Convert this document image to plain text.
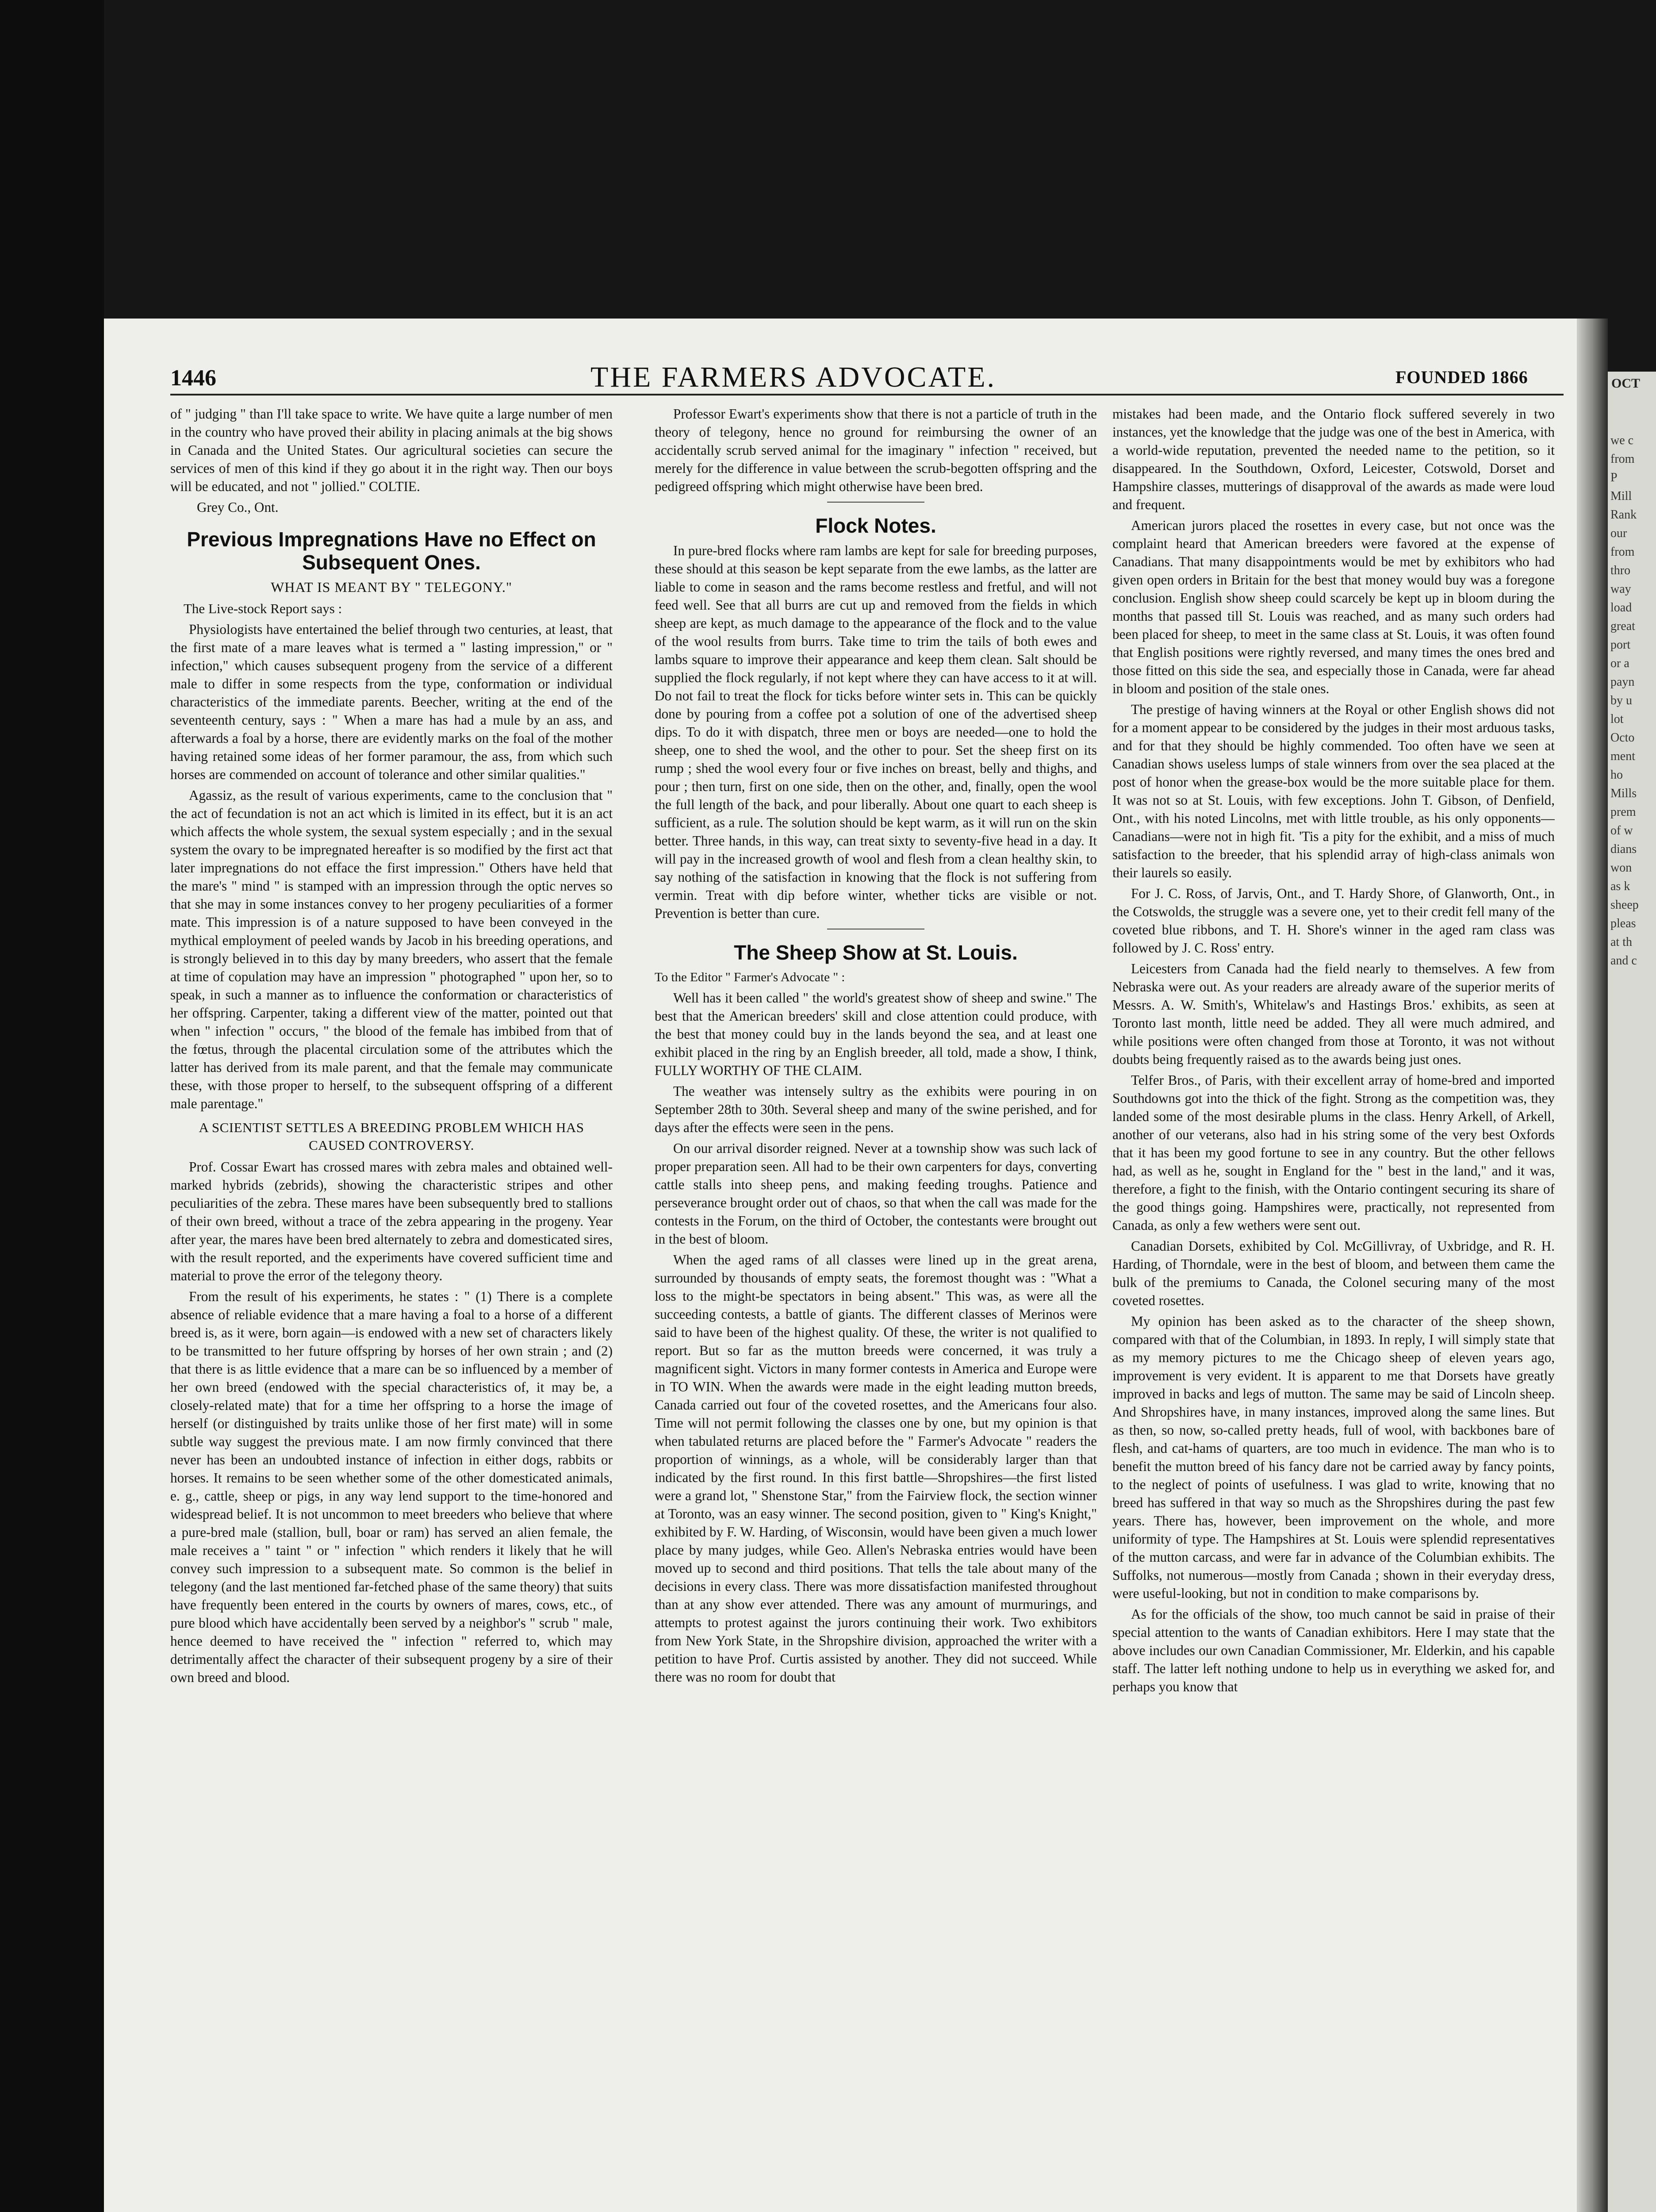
1446	THE FARMERS ADVOCATE.	FOUNDED 1866

of " judging " than I'll take space to write. We have quite a large number of men in the country who have proved their ability in placing animals at the big shows in Canada and the United States. Our agricultural societies can secure the services of men of this kind if they go about it in the right way. Then our boys will be educated, and not " jollied." COLTIE.

Grey Co., Ont.

Previous Impregnations Have no Effect on Subsequent Ones.
WHAT IS MEANT BY " TELEGONY."

The Live-stock Report says :

Physiologists have entertained the belief through two centuries, at least, that the first mate of a mare leaves what is termed a " lasting impression," or " infection," which causes subsequent progeny from the service of a different male to differ in some respects from the type, conformation or individual characteristics of the immediate parents. Beecher, writing at the end of the seventeenth century, says : " When a mare has had a mule by an ass, and afterwards a foal by a horse, there are evidently marks on the foal of the mother having retained some ideas of her former paramour, the ass, from which such horses are commended on account of tolerance and other similar qualities."

Agassiz, as the result of various experiments, came to the conclusion that " the act of fecundation is not an act which is limited in its effect, but it is an act which affects the whole system, the sexual system especially ; and in the sexual system the ovary to be impregnated hereafter is so modified by the first act that later impregnations do not efface the first impression." Others have held that the mare's " mind " is stamped with an impression through the optic nerves so that she may in some instances convey to her progeny peculiarities of a former mate. This impression is of a nature supposed to have been conveyed in the mythical employment of peeled wands by Jacob in his breeding operations, and is strongly believed in to this day by many breeders, who assert that the female at time of copulation may have an impression " photographed " upon her, so to speak, in such a manner as to influence the conformation or characteristics of her offspring. Carpenter, taking a different view of the matter, pointed out that when " infection " occurs, " the blood of the female has imbibed from that of the fœtus, through the placental circulation some of the attributes which the latter has derived from its male parent, and that the female may communicate these, with those proper to herself, to the subsequent offspring of a different male parentage."

A SCIENTIST SETTLES A BREEDING PROBLEM WHICH HAS CAUSED CONTROVERSY.

Prof. Cossar Ewart has crossed mares with zebra males and obtained well-marked hybrids (zebrids), showing the characteristic stripes and other peculiarities of the zebra. These mares have been subsequently bred to stallions of their own breed, without a trace of the zebra appearing in the progeny. Year after year, the mares have been bred alternately to zebra and domesticated sires, with the result reported, and the experiments have covered sufficient time and material to prove the error of the telegony theory.

From the result of his experiments, he states : " (1) There is a complete absence of reliable evidence that a mare having a foal to a horse of a different breed is, as it were, born again—is endowed with a new set of characters likely to be transmitted to her future offspring by horses of her own strain ; and (2) that there is as little evidence that a mare can be so influenced by a member of her own breed (endowed with the special characteristics of, it may be, a closely-related mate) that for a time her offspring to a horse the image of herself (or distinguished by traits unlike those of her first mate) will in some subtle way suggest the previous mate. I am now firmly convinced that there never has been an undoubted instance of infection in either dogs, rabbits or horses. It remains to be seen whether some of the other domesticated animals, e. g., cattle, sheep or pigs, in any way lend support to the time-honored and widespread belief. It is not uncommon to meet breeders who believe that where a pure-bred male (stallion, bull, boar or ram) has served an alien female, the male receives a " taint " or " infection " which renders it likely that he will convey such impression to a subsequent mate. So common is the belief in telegony (and the last mentioned far-fetched phase of the same theory) that suits have frequently been entered in the courts by owners of mares, cows, etc., of pure blood which have accidentally been served by a neighbor's " scrub " male, hence deemed to have received the " infection " referred to, which may detrimentally affect the character of their subsequent progeny by a sire of their own breed and blood.

Professor Ewart's experiments show that there is not a particle of truth in the theory of telegony, hence no ground for reimbursing the owner of an accidentally scrub served animal for the imaginary " infection " received, but merely for the difference in value between the scrub-begotten offspring and the pedigreed offspring which might otherwise have been bred.

Flock Notes.

In pure-bred flocks where ram lambs are kept for sale for breeding purposes, these should at this season be kept separate from the ewe lambs, as the latter are liable to come in season and the rams become restless and fretful, and will not feed well. See that all burrs are cut up and removed from the fields in which sheep are kept, as much damage to the appearance of the flock and to the value of the wool results from burrs. Take time to trim the tails of both ewes and lambs square to improve their appearance and keep them clean. Salt should be supplied the flock regularly, if not kept where they can have access to it at will. Do not fail to treat the flock for ticks before winter sets in. This can be quickly done by pouring from a coffee pot a solution of one of the advertised sheep dips. To do it with dispatch, three men or boys are needed—one to hold the sheep, one to shed the wool, and the other to pour. Set the sheep first on its rump ; shed the wool every four or five inches on breast, belly and thighs, and pour ; then turn, first on one side, then on the other, and, finally, open the wool the full length of the back, and pour liberally. About one quart to each sheep is sufficient, as a rule. The solution should be kept warm, as it will run on the skin better. Three hands, in this way, can treat sixty to seventy-five head in a day. It will pay in the increased growth of wool and flesh from a clean healthy skin, to say nothing of the satisfaction in knowing that the flock is not suffering from vermin. Treat with dip before winter, whether ticks are visible or not. Prevention is better than cure.

The Sheep Show at St. Louis.

To the Editor " Farmer's Advocate " :

Well has it been called " the world's greatest show of sheep and swine." The best that the American breeders' skill and close attention could produce, with the best that money could buy in the lands beyond the sea, and at least one exhibit placed in the ring by an English breeder, all told, made a show, I think, FULLY WORTHY OF THE CLAIM.

The weather was intensely sultry as the exhibits were pouring in on September 28th to 30th. Several sheep and many of the swine perished, and for days after the effects were seen in the pens.

On our arrival disorder reigned. Never at a township show was such lack of proper preparation seen. All had to be their own carpenters for days, converting cattle stalls into sheep pens, and making feeding troughs. Patience and perseverance brought order out of chaos, so that when the call was made for the contests in the Forum, on the third of October, the contestants were brought out in the best of bloom.

When the aged rams of all classes were lined up in the great arena, surrounded by thousands of empty seats, the foremost thought was : "What a loss to the might-be spectators in being absent." This was, as were all the succeeding contests, a battle of giants. The different classes of Merinos were said to have been of the highest quality. Of these, the writer is not qualified to report. But so far as the mutton breeds were concerned, it was truly a magnificent sight. Victors in many former contests in America and Europe were in TO WIN. When the awards were made in the eight leading mutton breeds, Canada carried out four of the coveted rosettes, and the Americans four also. Time will not permit following the classes one by one, but my opinion is that when tabulated returns are placed before the " Farmer's Advocate " readers the proportion of winnings, as a whole, will be considerably larger than that indicated by the first round. In this first battle—Shropshires—the first listed were a grand lot, " Shenstone Star," from the Fairview flock, the section winner at Toronto, was an easy winner. The second position, given to " King's Knight," exhibited by F. W. Harding, of Wisconsin, would have been given a much lower place by many judges, while Geo. Allen's Nebraska entries would have been moved up to second and third positions. That tells the tale about many of the decisions in every class. There was more dissatisfaction manifested throughout than at any show ever attended. There was any amount of murmurings, and attempts to protest against the jurors continuing their work. Two exhibitors from New York State, in the Shropshire division, approached the writer with a petition to have Prof. Curtis assisted by another. They did not succeed. While there was no room for doubt that

mistakes had been made, and the Ontario flock suffered severely in two instances, yet the knowledge that the judge was one of the best in America, with a world-wide reputation, prevented the needed name to the petition, so it disappeared. In the Southdown, Oxford, Leicester, Cotswold, Dorset and Hampshire classes, mutterings of disapproval of the awards as made were loud and frequent.

American jurors placed the rosettes in every case, but not once was the complaint heard that American breeders were favored at the expense of Canadians. That many disappointments would be met by exhibitors who had given open orders in Britain for the best that money would buy was a foregone conclusion. English show sheep could scarcely be kept up in bloom during the months that passed till St. Louis was reached, and as many such orders had been placed for sheep, to meet in the same class at St. Louis, it was often found that English positions were rightly reversed, and many times the ones bred and those fitted on this side the sea, and especially those in Canada, were far ahead in bloom and position of the stale ones.

The prestige of having winners at the Royal or other English shows did not for a moment appear to be considered by the judges in their most arduous tasks, and for that they should be highly commended. Too often have we seen at Canadian shows useless lumps of stale winners from over the sea placed at the post of honor when the grease-box would be the more suitable place for them. It was not so at St. Louis, with few exceptions. John T. Gibson, of Denfield, Ont., with his noted Lincolns, met with little trouble, as his only opponents—Canadians—were not in high fit. 'Tis a pity for the exhibit, and a miss of much satisfaction to the breeder, that his splendid array of high-class animals won their laurels so easily.

For J. C. Ross, of Jarvis, Ont., and T. Hardy Shore, of Glanworth, Ont., in the Cotswolds, the struggle was a severe one, yet to their credit fell many of the coveted blue ribbons, and T. H. Shore's winner in the aged ram class was followed by J. C. Ross' entry.

Leicesters from Canada had the field nearly to themselves. A few from Nebraska were out. As your readers are already aware of the superior merits of Messrs. A. W. Smith's, Whitelaw's and Hastings Bros.' exhibits, as seen at Toronto last month, little need be added. They all were much admired, and while positions were often changed from those at Toronto, it was not without doubts being frequently raised as to the awards being just ones.

Telfer Bros., of Paris, with their excellent array of home-bred and imported Southdowns got into the thick of the fight. Strong as the competition was, they landed some of the most desirable plums in the class. Henry Arkell, of Arkell, another of our veterans, also had in his string some of the very best Oxfords that it has been my good fortune to see in any country. But the other fellows had, as well as he, sought in England for the " best in the land," and it was, therefore, a fight to the finish, with the Ontario contingent securing its share of the good things going. Hampshires were, practically, not represented from Canada, as only a few wethers were sent out.

Canadian Dorsets, exhibited by Col. McGillivray, of Uxbridge, and R. H. Harding, of Thorndale, were in the best of bloom, and between them came the bulk of the premiums to Canada, the Colonel securing many of the most coveted rosettes.

My opinion has been asked as to the character of the sheep shown, compared with that of the Columbian, in 1893. In reply, I will simply state that as my memory pictures to me the Chicago sheep of eleven years ago, improvement is very evident. It is apparent to me that Dorsets have greatly improved in backs and legs of mutton. The same may be said of Lincoln sheep. And Shropshires have, in many instances, improved along the same lines. But as then, so now, so-called pretty heads, full of wool, with backbones bare of flesh, and cat-hams of quarters, are too much in evidence. The man who is to benefit the mutton breed of his fancy dare not be carried away by fancy points, to the neglect of points of usefulness. I was glad to write, knowing that no breed has suffered in that way so much as the Shropshires during the past few years. There has, however, been improvement on the whole, and more uniformity of type. The Hampshires at St. Louis were splendid representatives of the mutton carcass, and were far in advance of the Columbian exhibits. The Suffolks, not numerous—mostly from Canada ; shown in their everyday dress, were useful-looking, but not in condition to make comparisons by.

As for the officials of the show, too much cannot be said in praise of their special attention to the wants of Canadian exhibitors. Here I may state that the above includes our own Canadian Commissioner, Mr. Elderkin, and his capable staff. The latter left nothing undone to help us in everything we asked for, and perhaps you know that

OCT
we c
from
P
Mill
Rank
our
from
thro
way
load
great
port
or a
payn
by u
lot
Octo
ment
ho
Mills
prem
of w
dians
won
as k
sheep
pleas
at th
and c
